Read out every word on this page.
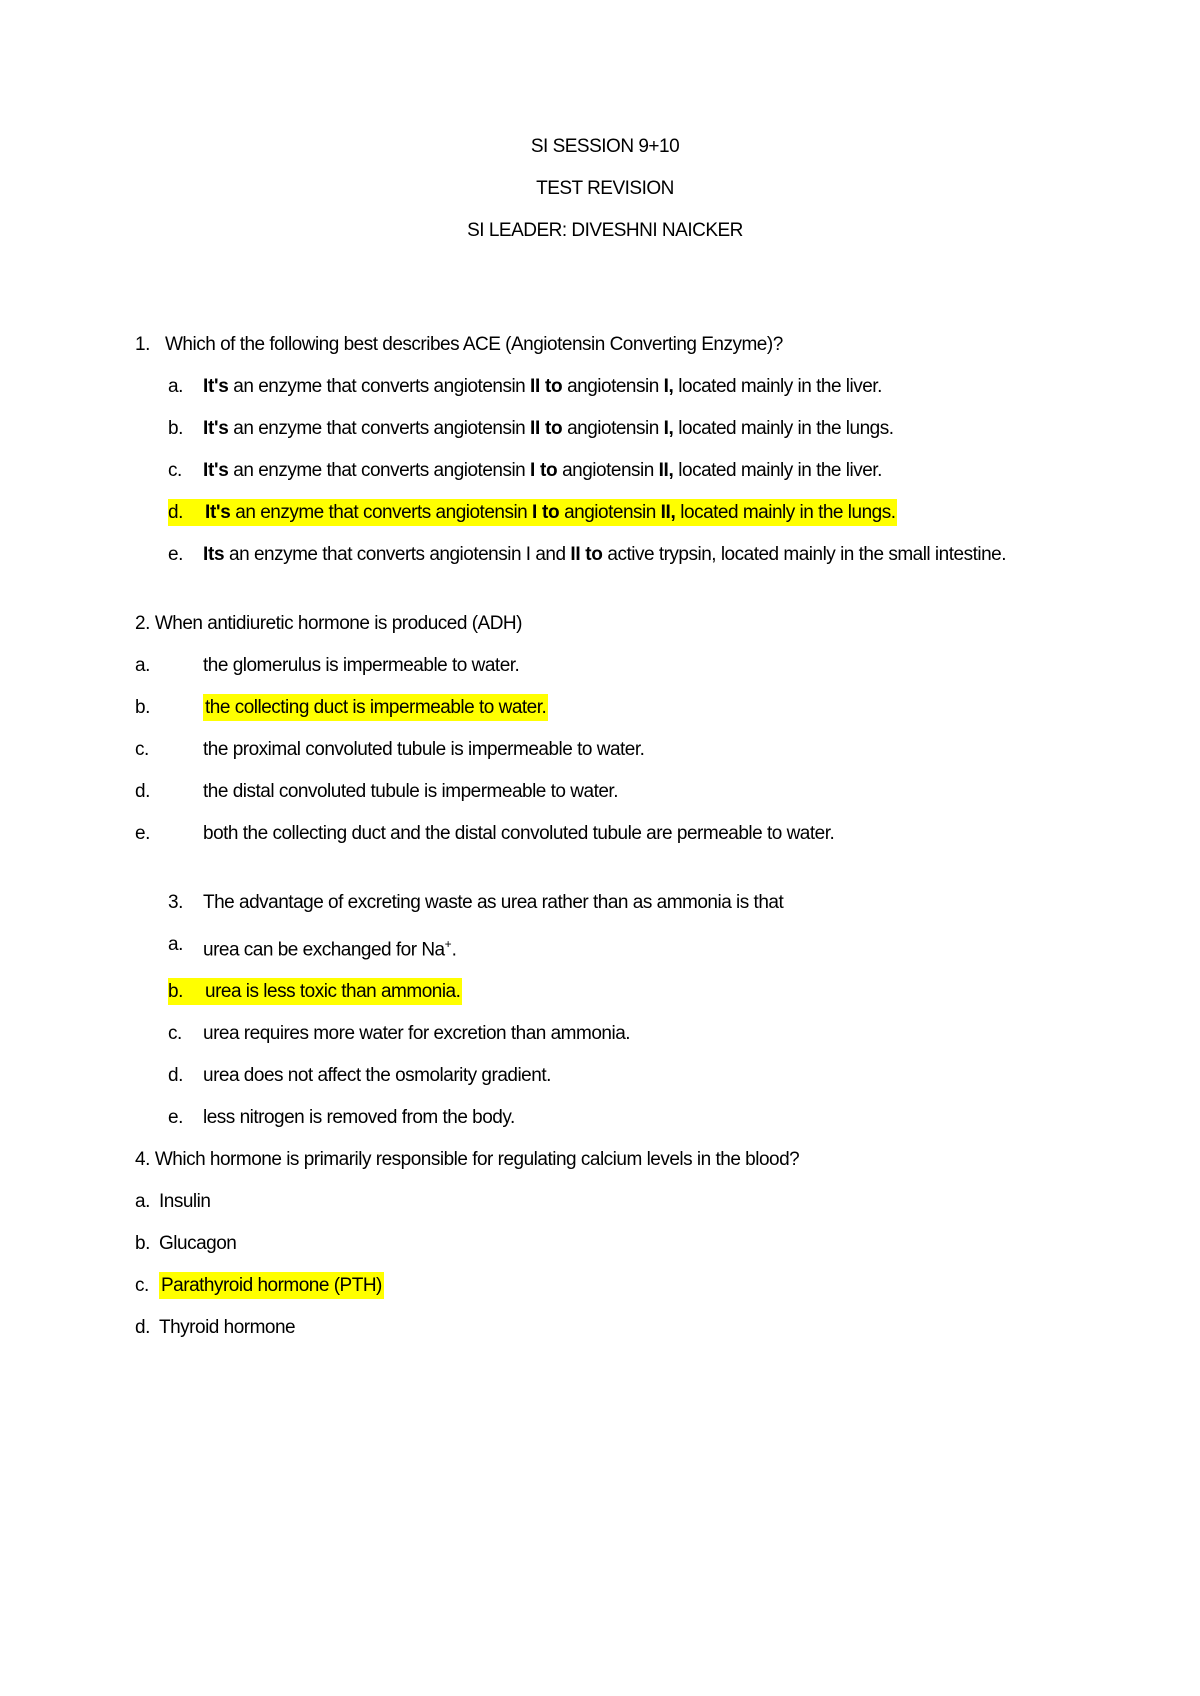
SI SESSION 9+10
TEST REVISION
SI LEADER: DIVESHNI NAICKER
1. Which of the following best describes ACE (Angiotensin Converting Enzyme)?
a.	It's an enzyme that converts angiotensin II to angiotensin I, located mainly in the liver.
b.	It's an enzyme that converts angiotensin II to angiotensin I, located mainly in the lungs.
c.	It's an enzyme that converts angiotensin I to angiotensin II, located mainly in the liver.
d.	It's an enzyme that converts angiotensin I to angiotensin II, located mainly in the lungs.
e.	Its an enzyme that converts angiotensin I and II to active trypsin, located mainly in the small intestine.
2. When antidiuretic hormone is produced (ADH)
a.	the glomerulus is impermeable to water.
b.	the collecting duct is impermeable to water.
c.	the proximal convoluted tubule is impermeable to water.
d.	the distal convoluted tubule is impermeable to water.
e.	both the collecting duct and the distal convoluted tubule are permeable to water.
3.	The advantage of excreting waste as urea rather than as ammonia is that
a.	urea can be exchanged for Na+.
b.	urea is less toxic than ammonia.
c.	urea requires more water for excretion than ammonia.
d.	urea does not affect the osmolarity gradient.
e.	less nitrogen is removed from the body.
4. Which hormone is primarily responsible for regulating calcium levels in the blood?
a. Insulin
b. Glucagon
c. Parathyroid hormone (PTH)
d. Thyroid hormone
